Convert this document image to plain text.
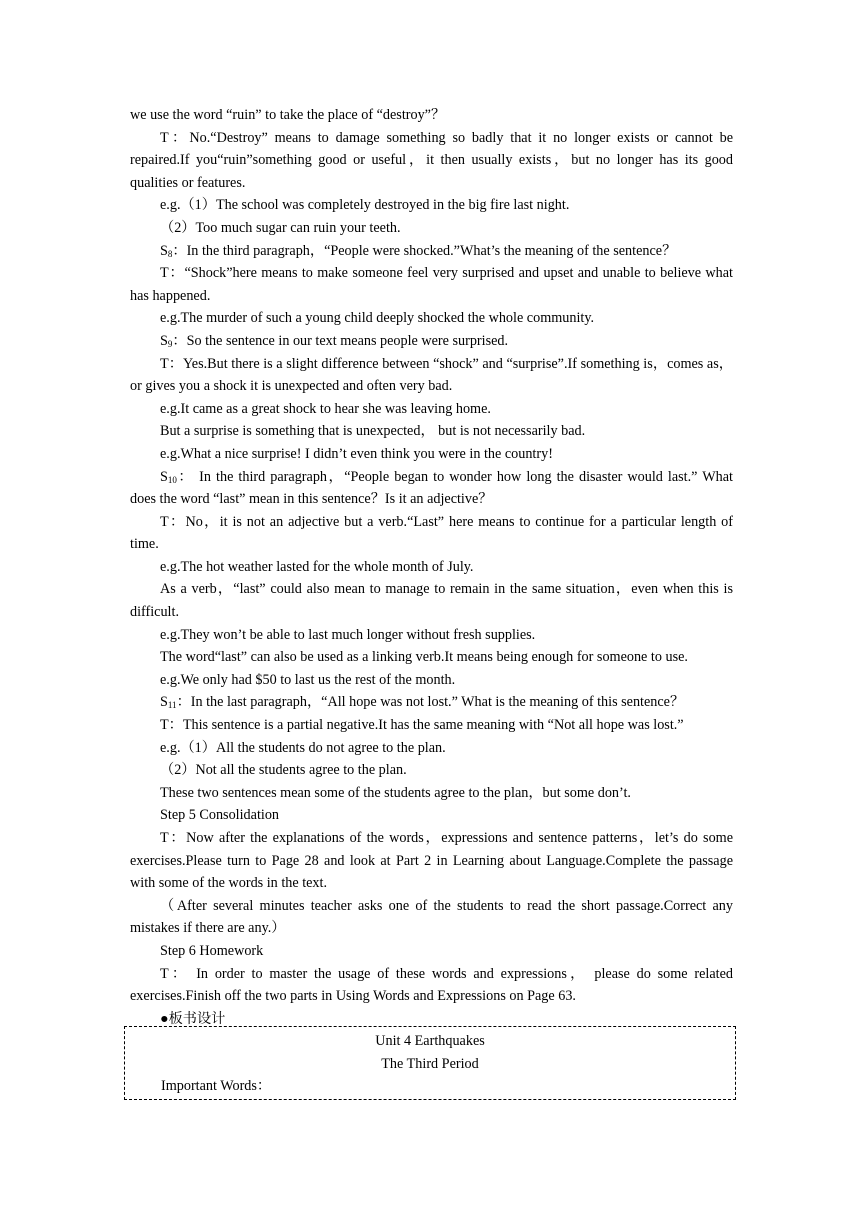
we use the word “ruin” to take the place of “destroy”？

T：No.“Destroy” means to damage something so badly that it no longer exists or cannot be repaired.If you“ruin”something good or useful，it then usually exists，but no longer has its good qualities or features.

e.g.（1）The school was completely destroyed in the big fire last night.

（2）Too much sugar can ruin your teeth.

$S_8$：In the third paragraph，“People were shocked.”What’s the meaning of the sentence？

T：“Shock”here means to make someone feel very surprised and upset and unable to believe what has happened.

e.g.The murder of such a young child deeply shocked the whole community.

$S_9$：So the sentence in our text means people were surprised.

T：Yes.But there is a slight difference between “shock” and “surprise”.If something is，comes as， or gives you a shock it is unexpected and often very bad.

e.g.It came as a great shock to hear she was leaving home.

But a surprise is something that is unexpected， but is not necessarily bad.

e.g.What a nice surprise! I didn’t even think you were in the country!

$S_{10}$： In the third paragraph，“People began to wonder how long the disaster would last.” What does the word “last” mean in this sentence？Is it an adjective？

T：No，it is not an adjective but a verb.“Last” here means to continue for a particular length of time.

e.g.The hot weather lasted for the whole month of July.

As a verb，“last” could also mean to manage to remain in the same situation，even when this is difficult.

e.g.They won’t be able to last much longer without fresh supplies.

The word“last” can also be used as a linking verb.It means being enough for someone to use.

e.g.We only had $50 to last us the rest of the month.

$S_{11}$：In the last paragraph，“All hope was not lost.” What is the meaning of this sentence？

T：This sentence is a partial negative.It has the same meaning with “Not all hope was lost.”

e.g.（1）All the students do not agree to the plan.

（2）Not all the students agree to the plan.

These two sentences mean some of the students agree to the plan，but some don’t.

Step 5 Consolidation

T：Now after the explanations of the words，expressions and sentence patterns，let’s do some exercises.Please turn to Page 28 and look at Part 2 in Learning about Language.Complete the passage with some of the words in the text.

（After several minutes teacher asks one of the students to read the short passage.Correct any mistakes if there are any.）

Step 6 Homework

T： In order to master the usage of these words and expressions， please do some related exercises.Finish off the two parts in Using Words and Expressions on Page 63.

●板书设计

Unit 4 Earthquakes

The Third Period

Important Words：
